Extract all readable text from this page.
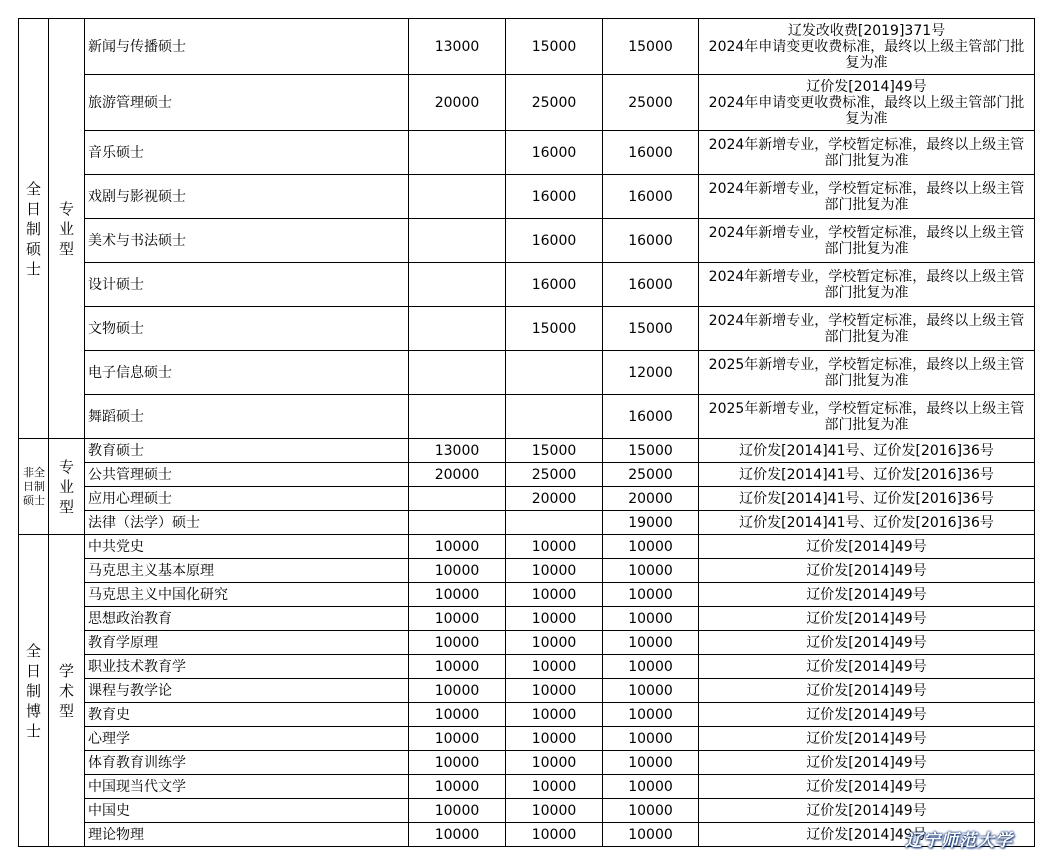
全日制硕士	专业型	新闻与传播硕士	13000	15000	15000	辽发改收费[2019]371号
2024年申请变更收费标准，最终以上级主管部门批复为准
		旅游管理硕士	20000	25000	25000	辽价发[2014]49号
2024年申请变更收费标准，最终以上级主管部门批复为准
		音乐硕士		16000	16000	2024年新增专业，学校暂定标准，最终以上级主管部门批复为准
		戏剧与影视硕士		16000	16000	2024年新增专业，学校暂定标准，最终以上级主管部门批复为准
		美术与书法硕士		16000	16000	2024年新增专业，学校暂定标准，最终以上级主管部门批复为准
		设计硕士		16000	16000	2024年新增专业，学校暂定标准，最终以上级主管部门批复为准
		文物硕士		15000	15000	2024年新增专业，学校暂定标准，最终以上级主管部门批复为准
		电子信息硕士			12000	2025年新增专业，学校暂定标准，最终以上级主管部门批复为准
		舞蹈硕士			16000	2025年新增专业，学校暂定标准，最终以上级主管部门批复为准

非全日制硕士	专业型	教育硕士	13000	15000	15000	辽价发[2014]41号、辽价发[2016]36号
		公共管理硕士	20000	25000	25000	辽价发[2014]41号、辽价发[2016]36号
		应用心理硕士		20000	20000	辽价发[2014]41号、辽价发[2016]36号
		法律（法学）硕士			19000	辽价发[2014]41号、辽价发[2016]36号

全日制博士	学术型	中共党史	10000	10000	10000	辽价发[2014]49号
		马克思主义基本原理	10000	10000	10000	辽价发[2014]49号
		马克思主义中国化研究	10000	10000	10000	辽价发[2014]49号
		思想政治教育	10000	10000	10000	辽价发[2014]49号
		教育学原理	10000	10000	10000	辽价发[2014]49号
		职业技术教育学	10000	10000	10000	辽价发[2014]49号
		课程与教学论	10000	10000	10000	辽价发[2014]49号
		教育史	10000	10000	10000	辽价发[2014]49号
		心理学	10000	10000	10000	辽价发[2014]49号
		体育教育训练学	10000	10000	10000	辽价发[2014]49号
		中国现当代文学	10000	10000	10000	辽价发[2014]49号
		中国史	10000	10000	10000	辽价发[2014]49号
		理论物理	10000	10000	10000	辽价发[2014]49号
辽宁师范大学
